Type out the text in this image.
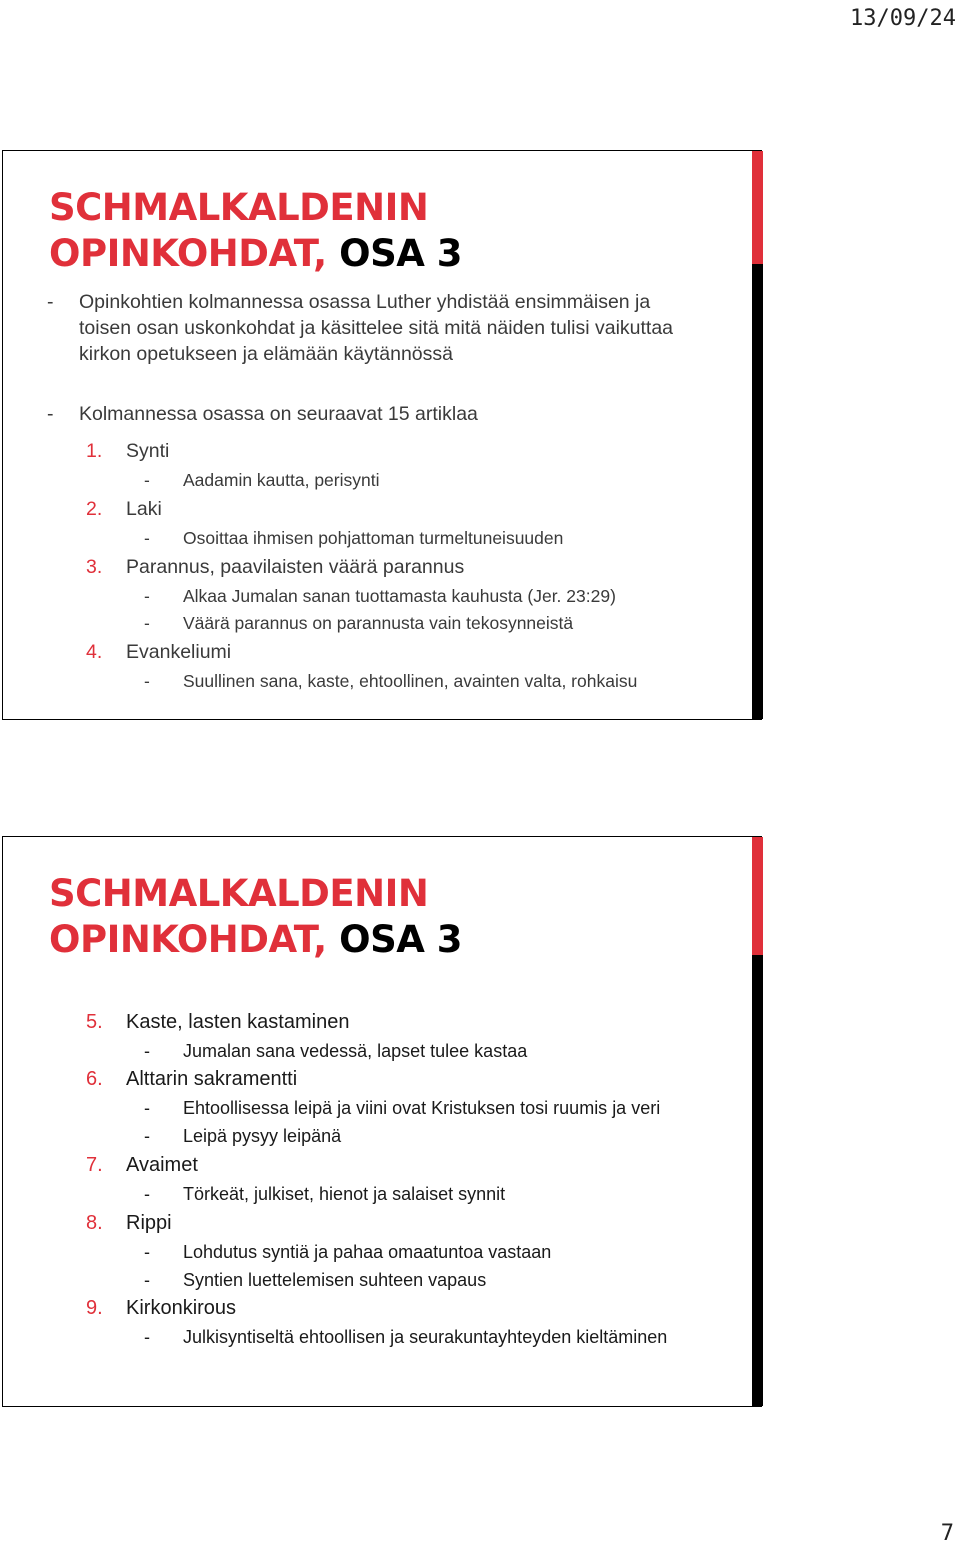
13/09/24
SCHMALKALDENIN
OPINKOHDAT, OSA 3
- Opinkohtien kolmannessa osassa Luther yhdistää ensimmäisen ja toisen osan uskonkohdat ja käsittelee sitä mitä näiden tulisi vaikuttaa kirkon opetukseen ja elämään käytännössä
- Kolmannessa osassa on seuraavat 15 artiklaa
1. Synti
- Aadamin kautta, perisynti
2. Laki
- Osoittaa ihmisen pohjattoman turmeltuneisuuden
3. Parannus, paavilaisten väärä parannus
- Alkaa Jumalan sanan tuottamasta kauhusta (Jer. 23:29)
- Väärä parannus on parannusta vain tekosynneistä
4. Evankeliumi
- Suullinen sana, kaste, ehtoollinen, avainten valta, rohkaisu
SCHMALKALDENIN
OPINKOHDAT, OSA 3
5. Kaste, lasten kastaminen
- Jumalan sana vedessä, lapset tulee kastaa
6. Alttarin sakramentti
- Ehtoollisessa leipä ja viini ovat Kristuksen tosi ruumis ja veri
- Leipä pysyy leipänä
7. Avaimet
- Törkeät, julkiset, hienot ja salaiset synnit
8. Rippi
- Lohdutus syntiä ja pahaa omaatuntoa vastaan
- Syntien luettelemisen suhteen vapaus
9. Kirkonkirous
- Julkisyntiseltä ehtoollisen ja seurakuntayhteyden kieltäminen
7
